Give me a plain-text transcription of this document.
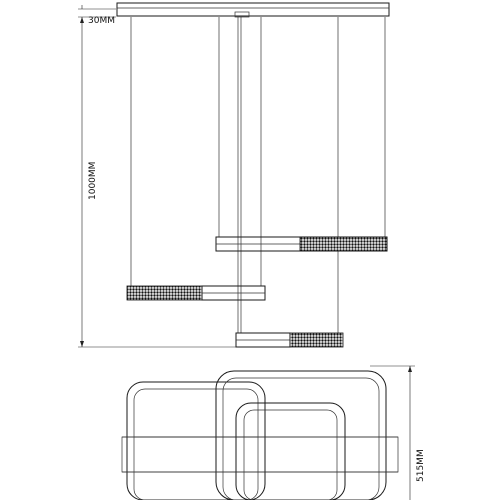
30MM
1000MM
515MM
